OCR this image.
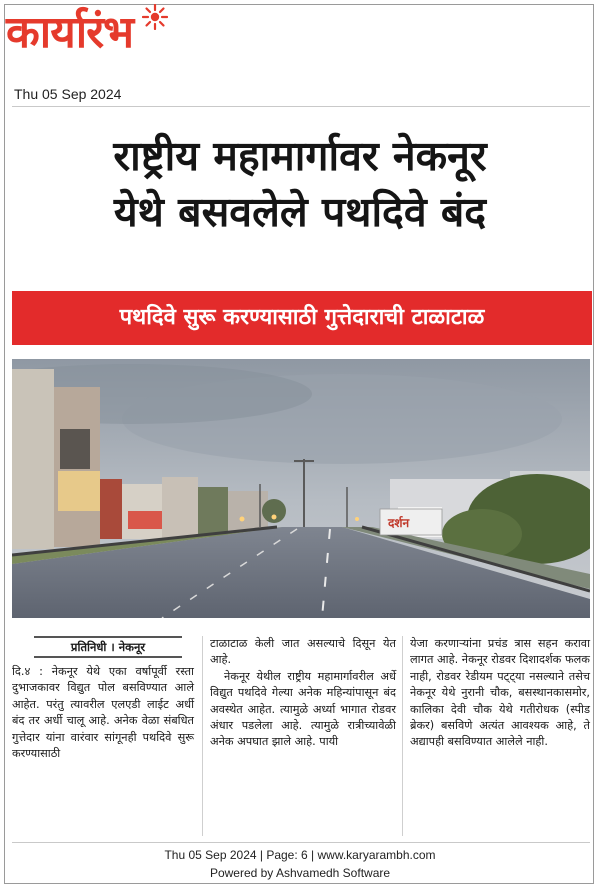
कार्यारंभ
Thu 05 Sep 2024
राष्ट्रीय महामार्गावर नेकनूर
येथे बसवलेले पथदिवे बंद
पथदिवे सुरू करण्यासाठी गुत्तेदाराची टाळाटाळ
दर्शन
प्रतिनिधी । नेकनूर

दि.४ : नेकनूर येथे एका वर्षापूर्वी रस्ता दुभाजकावर विद्युत पोल बसविण्यात आले आहेत. परंतु त्यावरील एलएडी लाईट अर्धी बंद तर अर्धी चालू आहे. अनेक वेळा संबधित गुत्तेदार यांना वारंवार सांगूनही पथदिवे सुरू करण्यासाठी

टाळाटाळ केली जात असल्याचे दिसून येत आहे.

नेकनूर येथील राष्ट्रीय महामार्गावरील अर्धे विद्युत पथदिवे गेल्या अनेक महिन्यांपासून बंद अवस्थेत आहेत. त्यामुळे अर्ध्या भागात रोडवर अंधार पडलेला आहे. त्यामुळे रात्रीच्यावेळी अनेक अपघात झाले आहे. पायी

येजा करणाऱ्यांना प्रचंड त्रास सहन करावा लागत आहे. नेकनूर रोडवर दिशादर्शक फलक नाही, रोडवर रेडीयम पट्ट्या नसल्याने तसेच नेकनूर येथे नुरानी चौक, बसस्थानकासमोर, कालिका देवी चौक येथे गतीरोधक (स्पीड ब्रेकर) बसविणे अत्यंत आवश्यक आहे, ते अद्यापही बसविण्यात आलेले नाही.

Thu 05 Sep 2024 | Page: 6 | www.karyarambh.com
Powered by Ashvamedh Software
